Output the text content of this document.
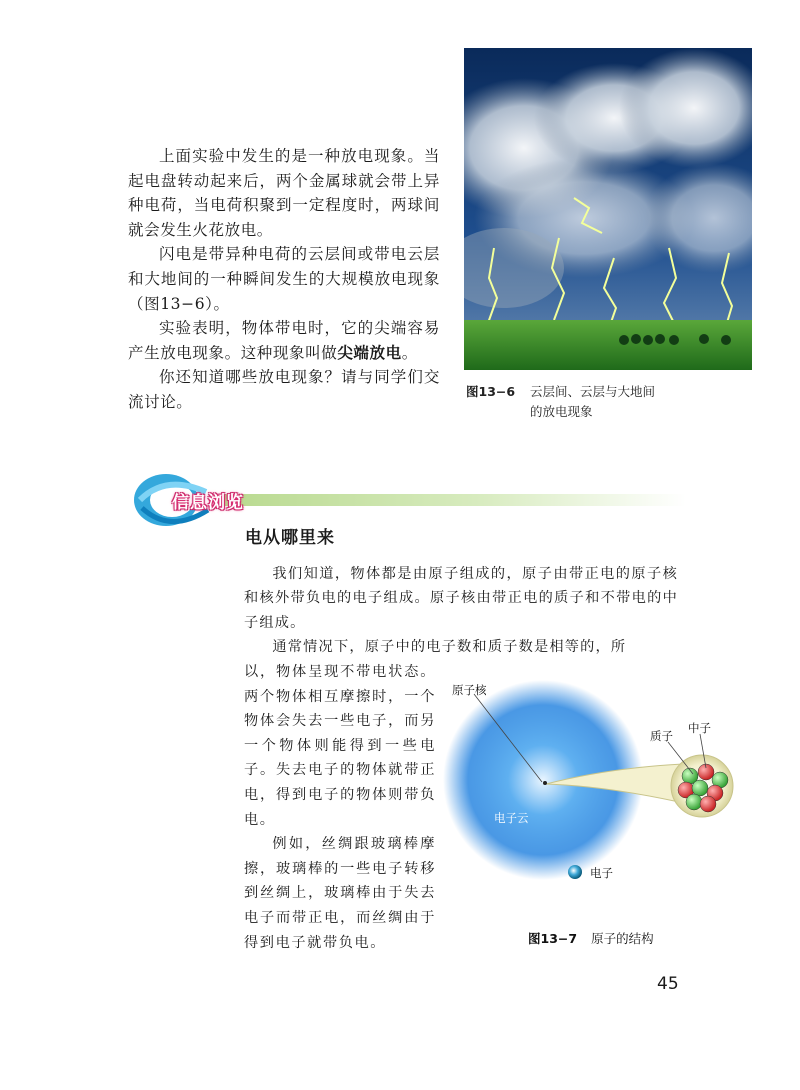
上面实验中发生的是一种放电现象。当起电盘转动起来后，两个金属球就会带上异种电荷，当电荷积聚到一定程度时，两球间就会发生火花放电。

闪电是带异种电荷的云层间或带电云层和大地间的一种瞬间发生的大规模放电现象（图13−6）。

实验表明，物体带电时，它的尖端容易产生放电现象。这种现象叫做尖端放电。

你还知道哪些放电现象？请与同学们交流讨论。

图13−6 云层间、云层与大地间
的放电现象
信息浏览
电从哪里来

我们知道，物体都是由原子组成的，原子由带正电的原子核和核外带负电的电子组成。原子核由带正电的质子和不带电的中子组成。

通常情况下，原子中的电子数和质子数是相等的，所

以，物体呈现不带电状态。两个物体相互摩擦时，一个物体会失去一些电子，而另一个物体则能得到一些电子。失去电子的物体就带正电，得到电子的物体则带负电。

例如，丝绸跟玻璃棒摩擦，玻璃棒的一些电子转移到丝绸上，玻璃棒由于失去电子而带正电，而丝绸由于得到电子就带负电。

原子核
质子
中子
电子云
电子
图13−7 原子的结构
45
